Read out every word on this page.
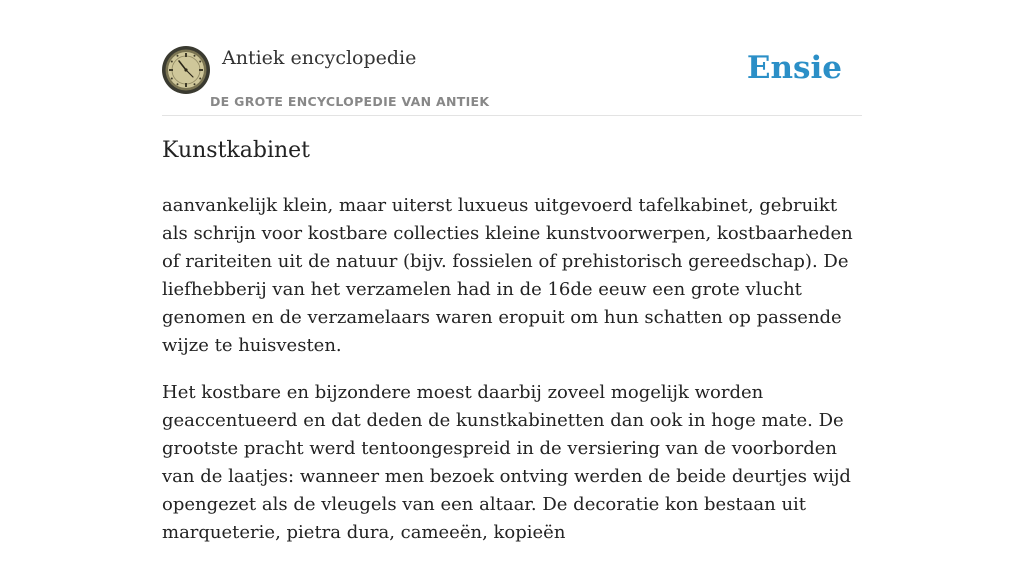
Antiek encyclopedie
DE GROTE ENCYCLOPEDIE VAN ANTIEK
Ensie
Kunstkabinet

aanvankelijk klein, maar uiterst luxueus uitgevoerd tafelkabinet, gebruikt als schrijn voor kostbare collecties kleine kunstvoorwerpen, kostbaarheden of rariteiten uit de natuur (bijv. fossielen of prehistorisch gereedschap). De liefhebberij van het verzamelen had in de 16de eeuw een grote vlucht genomen en de verzamelaars waren eropuit om hun schatten op passende wijze te huisvesten.

Het kostbare en bijzondere moest daarbij zoveel mogelijk worden geaccentueerd en dat deden de kunstkabinetten dan ook in hoge mate. De grootste pracht werd tentoongespreid in de versiering van de voorborden van de laatjes: wanneer men bezoek ontving werden de beide deurtjes wijd opengezet als de vleugels van een altaar. De decoratie kon bestaan uit marqueterie, pietra dura, cameeën, kopieën
